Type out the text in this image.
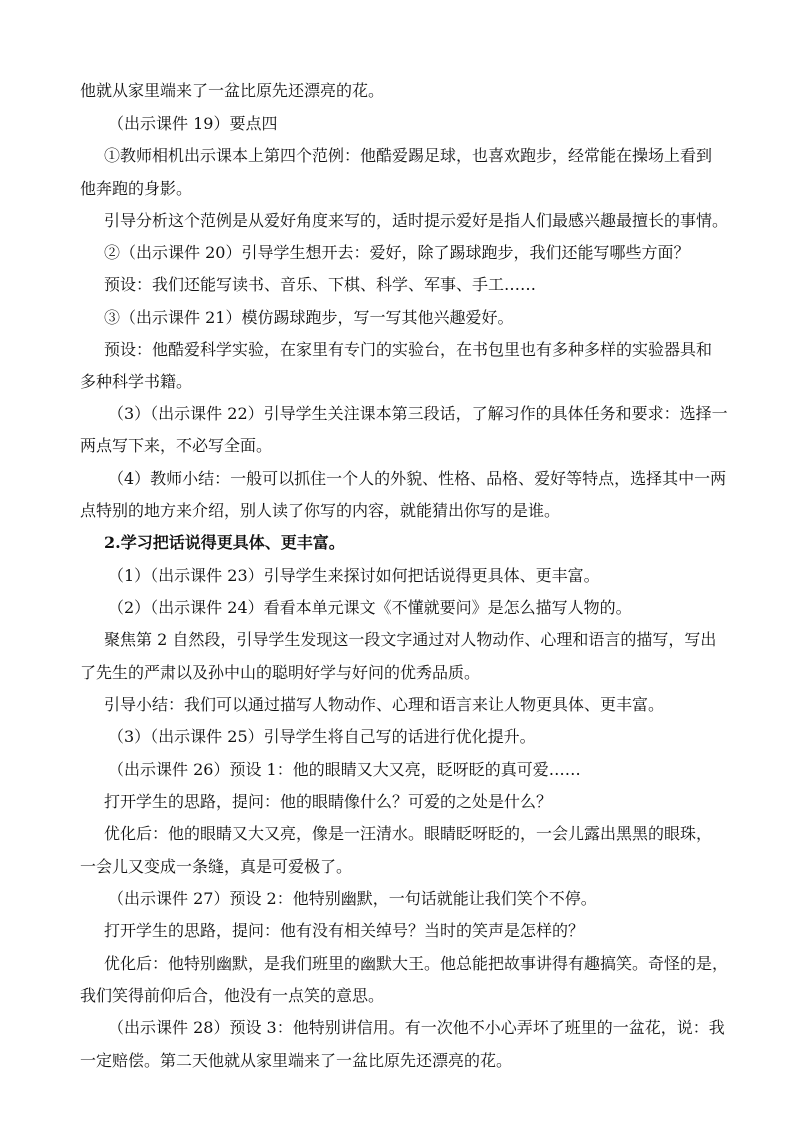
他就从家里端来了一盆比原先还漂亮的花。
（出示课件 19）要点四
①教师相机出示课本上第四个范例：他酷爱踢足球，也喜欢跑步，经常能在操场上看到
他奔跑的身影。
引导分析这个范例是从爱好角度来写的，适时提示爱好是指人们最感兴趣最擅长的事情。
②（出示课件 20）引导学生想开去：爱好，除了踢球跑步，我们还能写哪些方面？
预设：我们还能写读书、音乐、下棋、科学、军事、手工……
③（出示课件 21）模仿踢球跑步，写一写其他兴趣爱好。
预设：他酷爱科学实验，在家里有专门的实验台，在书包里也有多种多样的实验器具和
多种科学书籍。
（3）（出示课件 22）引导学生关注课本第三段话，了解习作的具体任务和要求：选择一
两点写下来，不必写全面。
（4）教师小结：一般可以抓住一个人的外貌、性格、品格、爱好等特点，选择其中一两
点特别的地方来介绍，别人读了你写的内容，就能猜出你写的是谁。
2.学习把话说得更具体、更丰富。
（1）（出示课件 23）引导学生来探讨如何把话说得更具体、更丰富。
（2）（出示课件 24）看看本单元课文《不懂就要问》是怎么描写人物的。
聚焦第 2 自然段，引导学生发现这一段文字通过对人物动作、心理和语言的描写，写出
了先生的严肃以及孙中山的聪明好学与好问的优秀品质。
引导小结：我们可以通过描写人物动作、心理和语言来让人物更具体、更丰富。
（3）（出示课件 25）引导学生将自己写的话进行优化提升。
（出示课件 26）预设 1：他的眼睛又大又亮，眨呀眨的真可爱……
打开学生的思路，提问：他的眼睛像什么？可爱的之处是什么？
优化后：他的眼睛又大又亮，像是一汪清水。眼睛眨呀眨的，一会儿露出黑黑的眼珠，
一会儿又变成一条缝，真是可爱极了。
（出示课件 27）预设 2：他特别幽默，一句话就能让我们笑个不停。
打开学生的思路，提问：他有没有相关绰号？当时的笑声是怎样的？
优化后：他特别幽默，是我们班里的幽默大王。他总能把故事讲得有趣搞笑。奇怪的是，
我们笑得前仰后合，他没有一点笑的意思。
（出示课件 28）预设 3：他特别讲信用。有一次他不小心弄坏了班里的一盆花，说：我
一定赔偿。第二天他就从家里端来了一盆比原先还漂亮的花。
